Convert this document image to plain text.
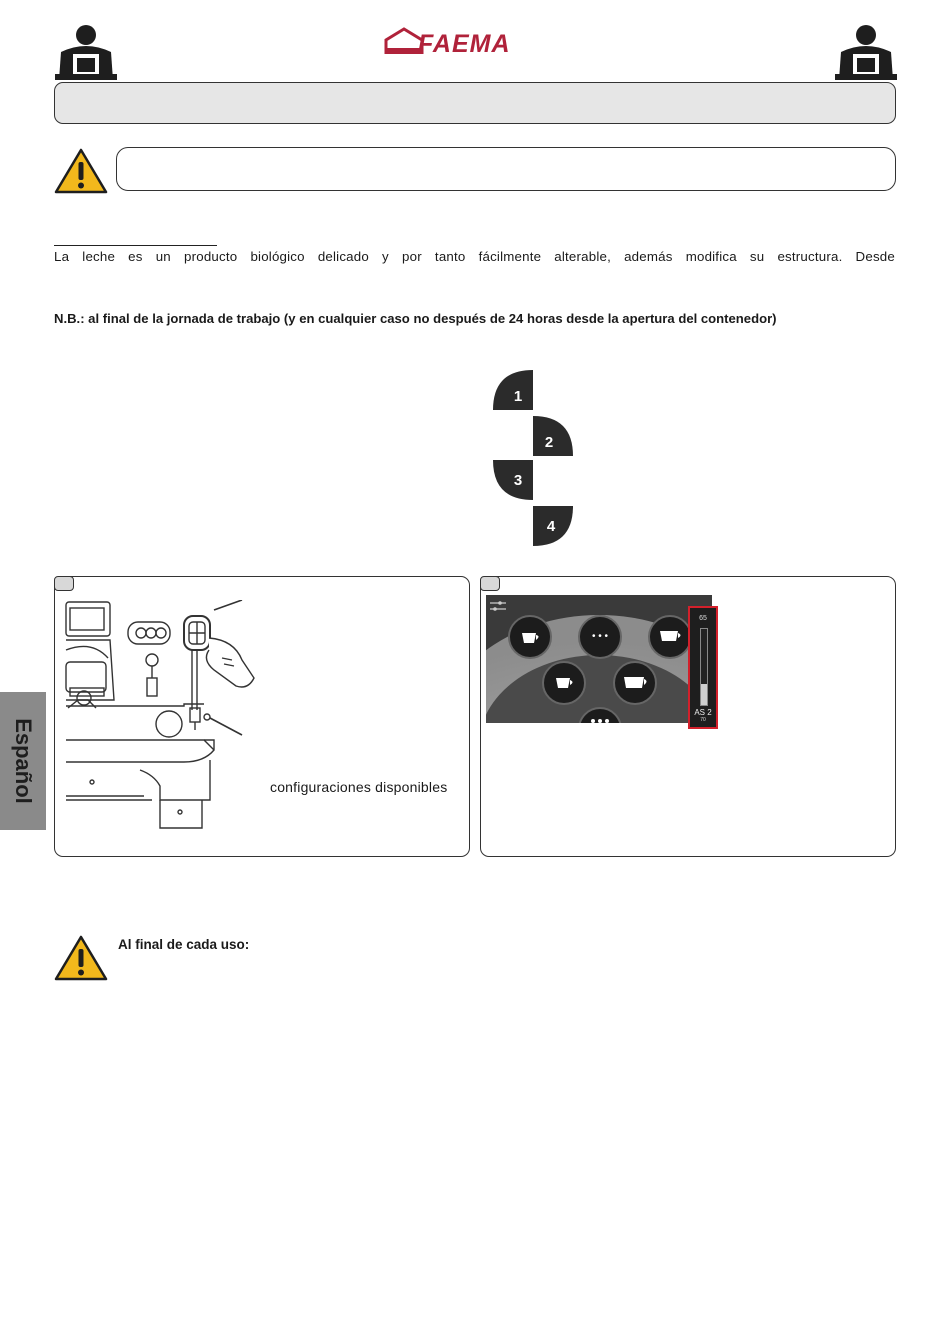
FAEMA
La leche es un producto biológico delicado y por tanto fácilmente alterable, además modifica su estructura. Desde
N.B.: al final de la jornada de trabajo (y en cualquier caso no después de 24 horas desde la apertura del contenedor)
1
2
3
4
Español	configuraciones disponibles
• • •
65
AS 2
70
Al final de cada uso:
